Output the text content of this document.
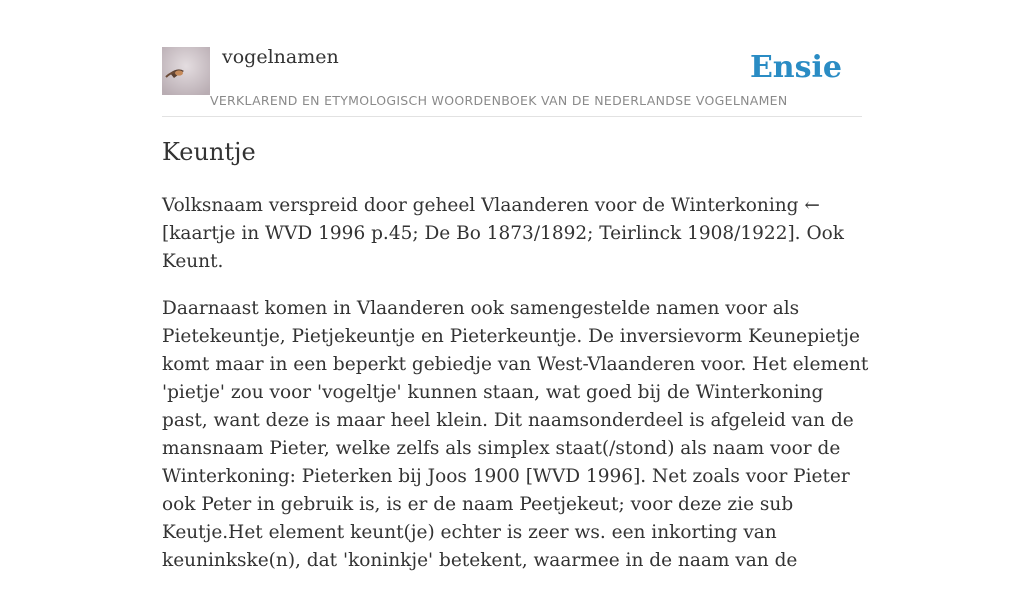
vogelnamen	Ensie
VERKLAREND EN ETYMOLOGISCH WOORDENBOEK VAN DE NEDERLANDSE VOGELNAMEN
Keuntje

Volksnaam verspreid door geheel Vlaanderen voor de Winterkoning ← [kaartje in WVD 1996 p.45; De Bo 1873/1892; Teirlinck 1908/1922]. Ook Keunt.

Daarnaast komen in Vlaanderen ook samengestelde namen voor als Pietekeuntje, Pietjekeuntje en Pieterkeuntje. De inversievorm Keunepietje komt maar in een beperkt gebiedje van West-Vlaanderen voor. Het element 'pietje' zou voor 'vogeltje' kunnen staan, wat goed bij de Winterkoning past, want deze is maar heel klein. Dit naamsonderdeel is afgeleid van de mansnaam Pieter, welke zelfs als simplex staat(/stond) als naam voor de Winterkoning: Pieterken bij Joos 1900 [WVD 1996]. Net zoals voor Pieter ook Peter in gebruik is, is er de naam Peetjekeut; voor deze zie sub Keutje.Het element keunt(je) echter is zeer ws. een inkorting van keuninkske(n), dat 'koninkje' betekent, waarmee in de naam van de
